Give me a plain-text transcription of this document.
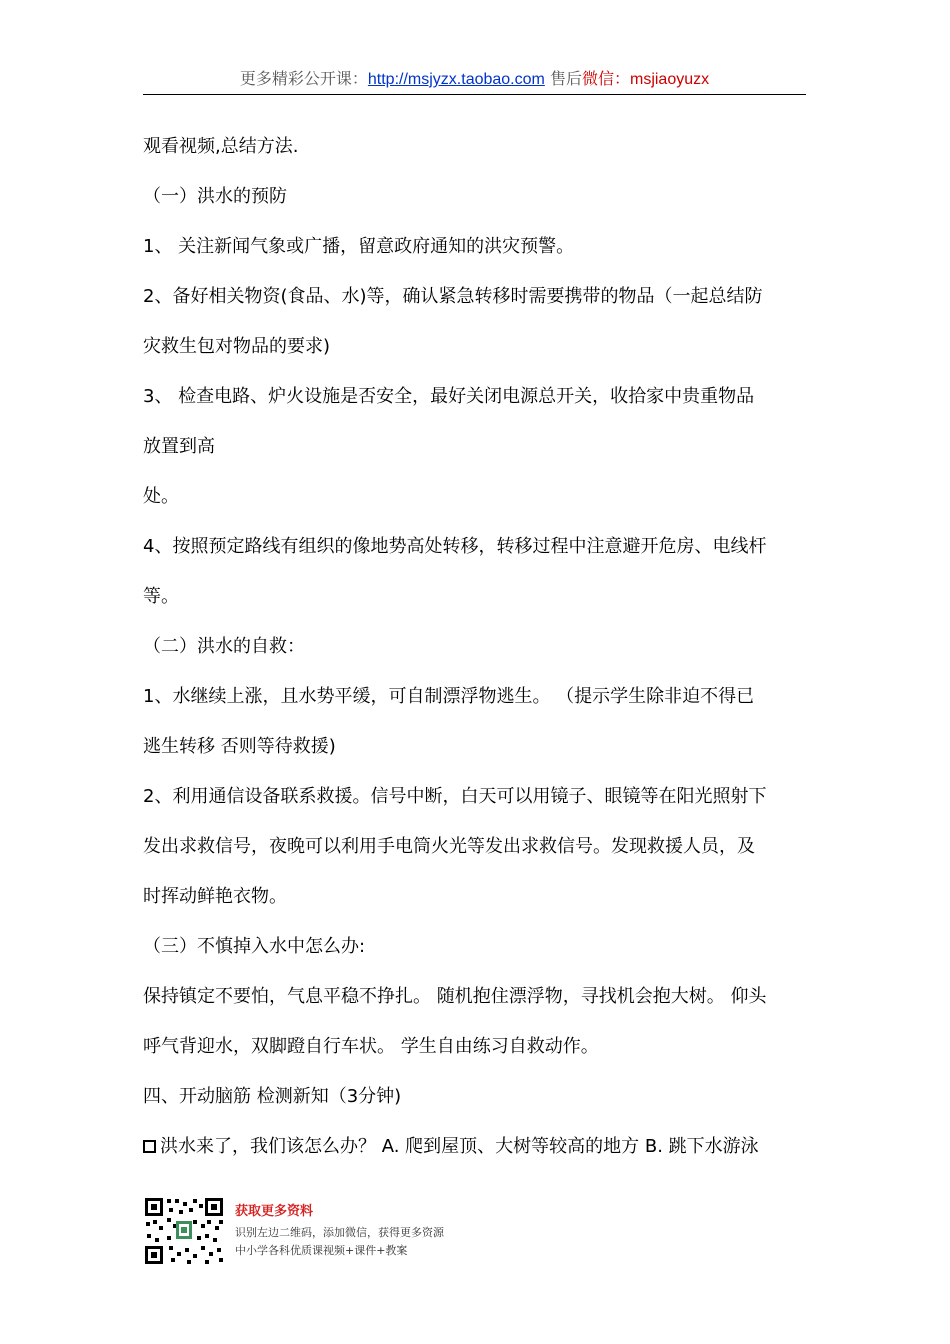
更多精彩公开课：http://msjyzx.taobao.com 售后微信：msjiaoyuzx
观看视频,总结方法.
（一）洪水的预防
1、 关注新闻气象或广播，留意政府通知的洪灾预警。
2、备好相关物资(食品、水)等，确认紧急转移时需要携带的物品（一起总结防
灾救生包对物品的要求)
3、 检查电路、炉火设施是否安全，最好关闭电源总开关，收拾家中贵重物品
放置到高
处。
4、按照预定路线有组织的像地势高处转移，转移过程中注意避开危房、电线杆
等。
（二）洪水的自救：
1、水继续上涨，且水势平缓，可自制漂浮物逃生。 （提示学生除非迫不得已
逃生转移 否则等待救援)
2、利用通信设备联系救援。信号中断，白天可以用镜子、眼镜等在阳光照射下
发出求救信号，夜晚可以利用手电筒火光等发出求救信号。发现救援人员，及
时挥动鲜艳衣物。
（三）不慎掉入水中怎么办:
保持镇定不要怕，气息平稳不挣扎。 随机抱住漂浮物，寻找机会抱大树。 仰头
呼气背迎水，双脚蹬自行车状。 学生自由练习自救动作。
四、开动脑筋 检测新知（3分钟)
洪水来了，我们该怎么办？ A. 爬到屋顶、大树等较高的地方 B. 跳下水游泳
获取更多资料
识别左边二维码，添加微信，获得更多资源
中小学各科优质课视频+课件+教案
